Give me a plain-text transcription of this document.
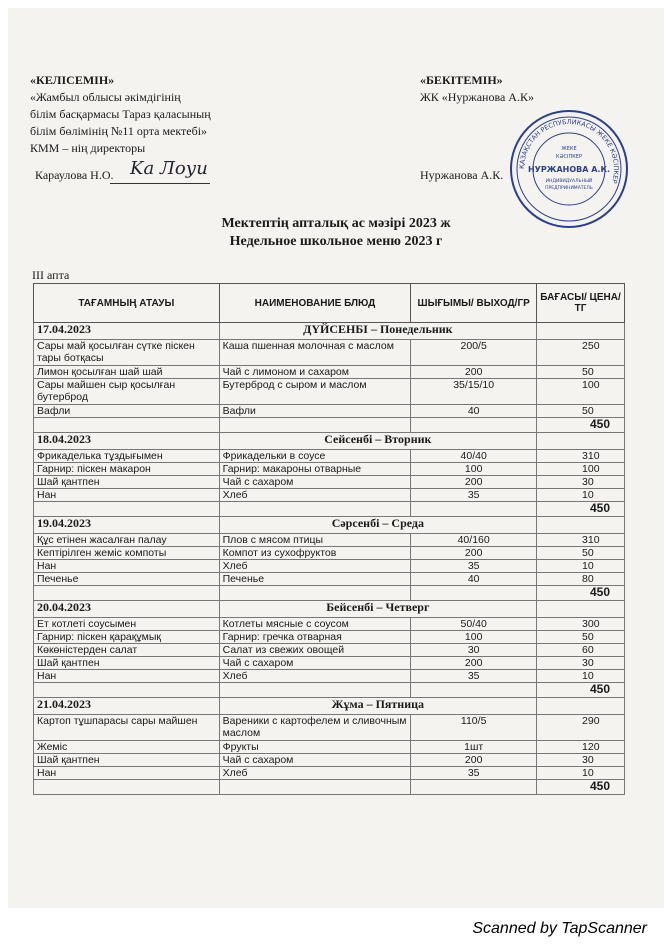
«КЕЛІСЕМІН»
«Жамбыл облысы әкімдігінің
білім басқармасы Тараз қаласының
білім бөлімінің №11 орта мектебі»
КММ – нің директоры
Караулова Н.О. Ka Лоуи
«БЕКІТЕМІН»
ЖК «Нуржанова А.К»
Нуржанова А.К.
ҚАЗАҚСТАН РЕСПУБЛИКАСЫ ЖЕКЕ КӘСІПКЕР
ЖЕКЕ
КӘСІПКЕР
НУРЖАНОВА А.К.
ИНДИВИДУАЛЬНЫЙ
ПРЕДПРИНИМАТЕЛЬ
Мектептің апталық ас мәзірі 2023 ж
Недельное школьное меню 2023 г
III апта
ТАҒАМНЫҢ АТАУЫ	НАИМЕНОВАНИЕ БЛЮД	ШЫҒЫМЫ/ ВЫХОД/ГР	БАҒАСЫ/ ЦЕНА/ТГ
17.04.2023	ДҮЙСЕНБІ – Понедельник		
Сары май қосылған сүтке піскен тары ботқасы	Каша пшенная молочная с маслом	200/5	250
Лимон қосылған шай шай	Чай с лимоном и сахаром	200	50
Сары майшен сыр қосылған бутерброд	Бутерброд с сыром и маслом	35/15/10	100
Вафли	Вафли	40	50
			450
18.04.2023	Сейсенбі – Вторник		
Фрикаделька тұздығымен	Фрикадельки в соусе	40/40	310
Гарнир: піскен макарон	Гарнир: макароны отварные	100	100
Шай қантпен	Чай с сахаром	200	30
Нан	Хлеб	35	10
			450
19.04.2023	Сәрсенбі – Среда		
Құс етінен жасалған палау	Плов с мясом птицы	40/160	310
Кептірілген жеміс компоты	Компот из сухофруктов	200	50
Нан	Хлеб	35	10
Печенье	Печенье	40	80
			450
20.04.2023	Бейсенбі – Четверг		
Ет котлеті соусымен	Котлеты мясные с соусом	50/40	300
Гарнир: піскен қарақұмық	Гарнир: гречка отварная	100	50
Көкөністерден салат	Салат из свежих овощей	30	60
Шай қантпен	Чай с сахаром	200	30
Нан	Хлеб	35	10
			450
21.04.2023	Жұма – Пятница		
Картоп тұшпарасы сары майшен	Вареники с картофелем и сливочным маслом	110/5	290
Жеміс	Фрукты	1шт	120
Шай қантпен	Чай с сахаром	200	30
Нан	Хлеб	35	10
			450
Scanned by TapScanner
